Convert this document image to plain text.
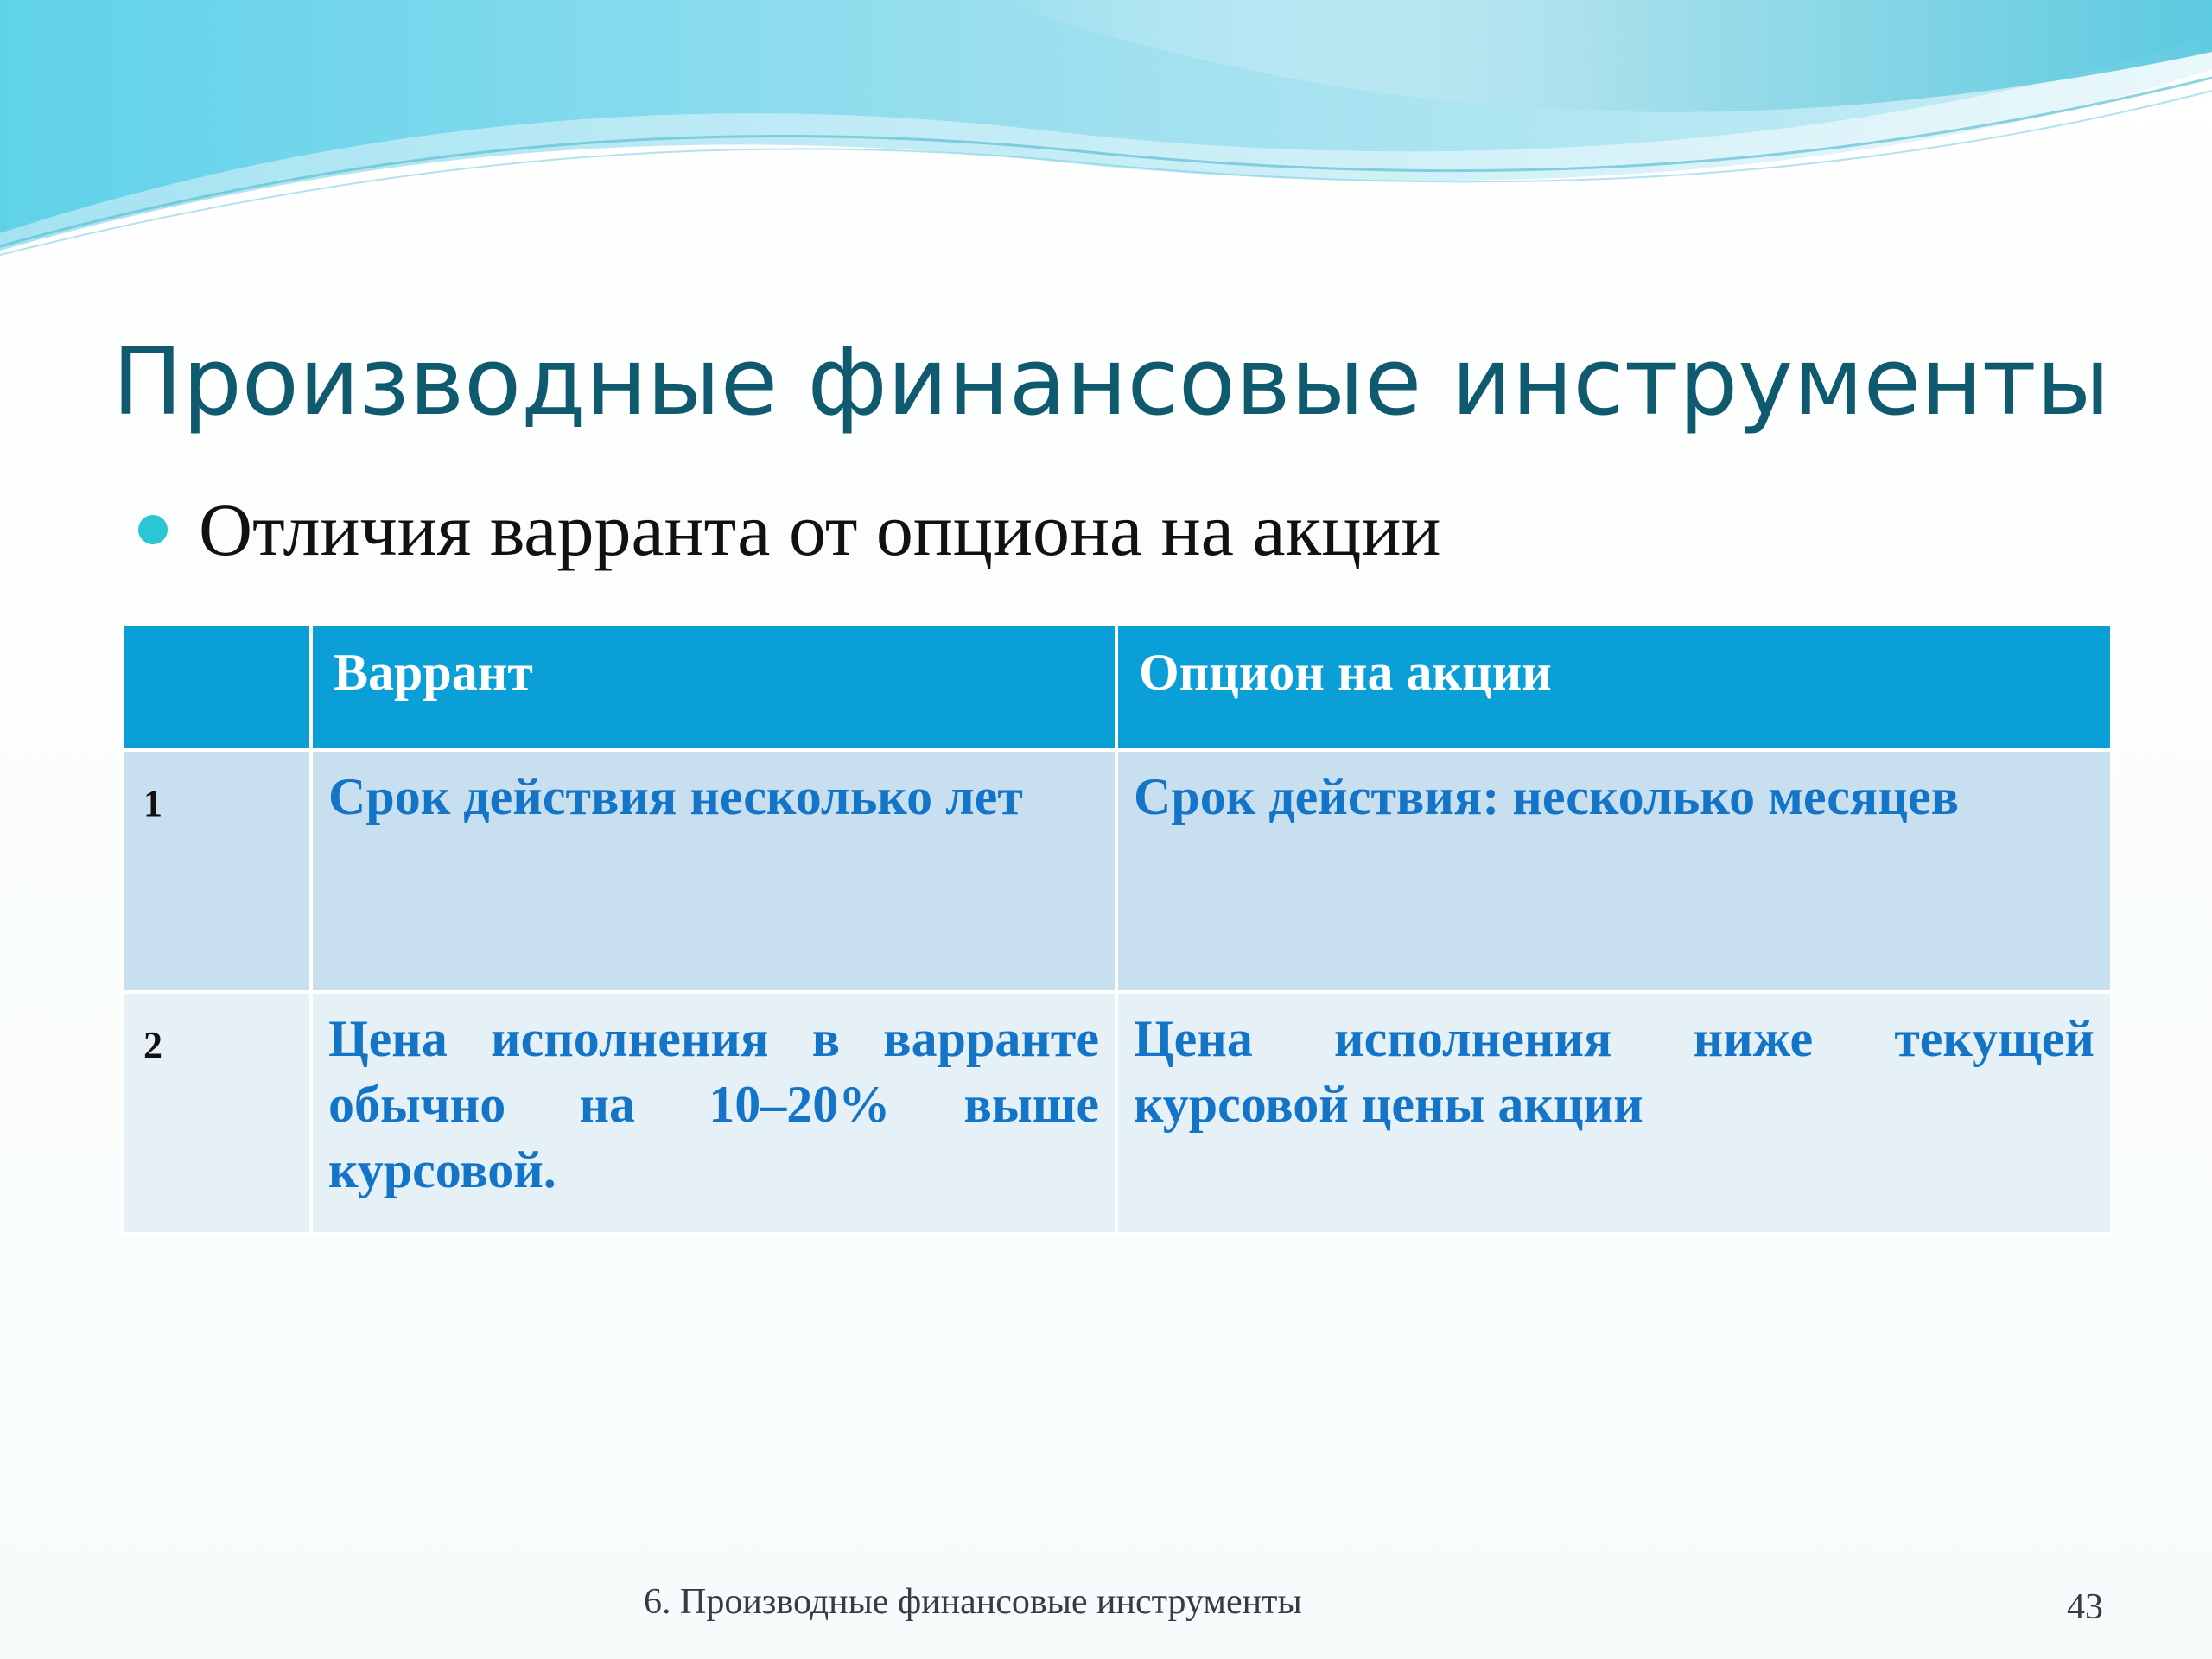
Производные финансовые инструменты
Отличия варранта от опциона на акции
	Варрант	Опцион на акции
1	Срок действия несколько лет	Срок действия: несколько месяцев
2	Цена исполнения в варранте обычно на 10–20% выше курсовой.	Цена исполнения ниже текущей курсовой цены акции
6. Производные финансовые инструменты	43
